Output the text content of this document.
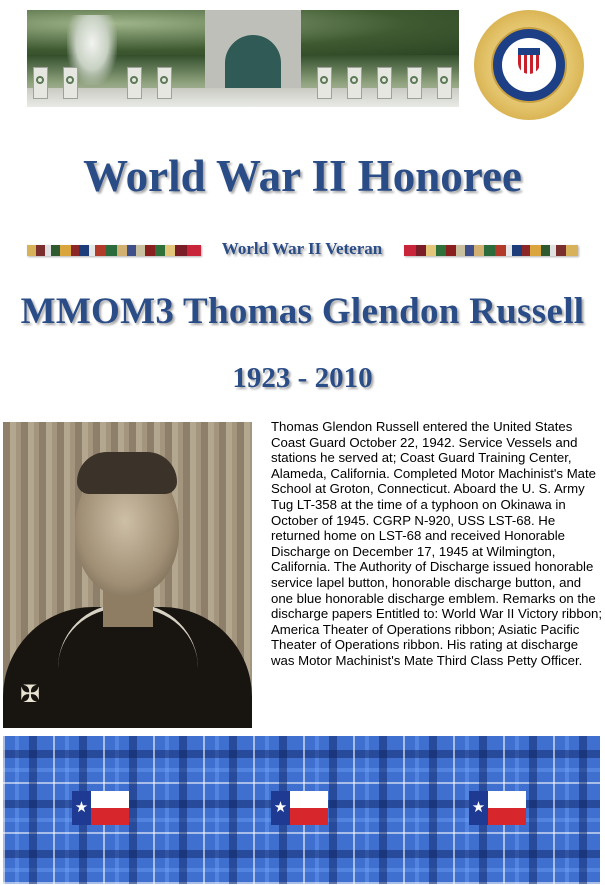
1790
World War II Honoree
World War II Veteran
MMOM3 Thomas Glendon Russell
1923 - 2010
✠

Thomas Glendon Russell entered the United States Coast Guard October 22, 1942. Service Vessels and stations he served at; Coast Guard Training Center, Alameda, California. Completed Motor Machinist's Mate School at Groton, Connecticut. Aboard the U. S. Army Tug LT-358 at the time of a typhoon on Okinawa in October of 1945. CGRP N-920, USS LST-68. He returned home on LST-68 and received Honorable Discharge on December 17, 1945 at Wilmington, California. The Authority of Discharge issued honorable service lapel button, honorable discharge button, and one blue honorable discharge emblem. Remarks on the discharge papers Entitled to: World War II Victory ribbon; America Theater of Operations ribbon; Asiatic Pacific Theater of Operations ribbon. His rating at discharge was Motor Machinist's Mate Third Class Petty Officer.

★	★	★
